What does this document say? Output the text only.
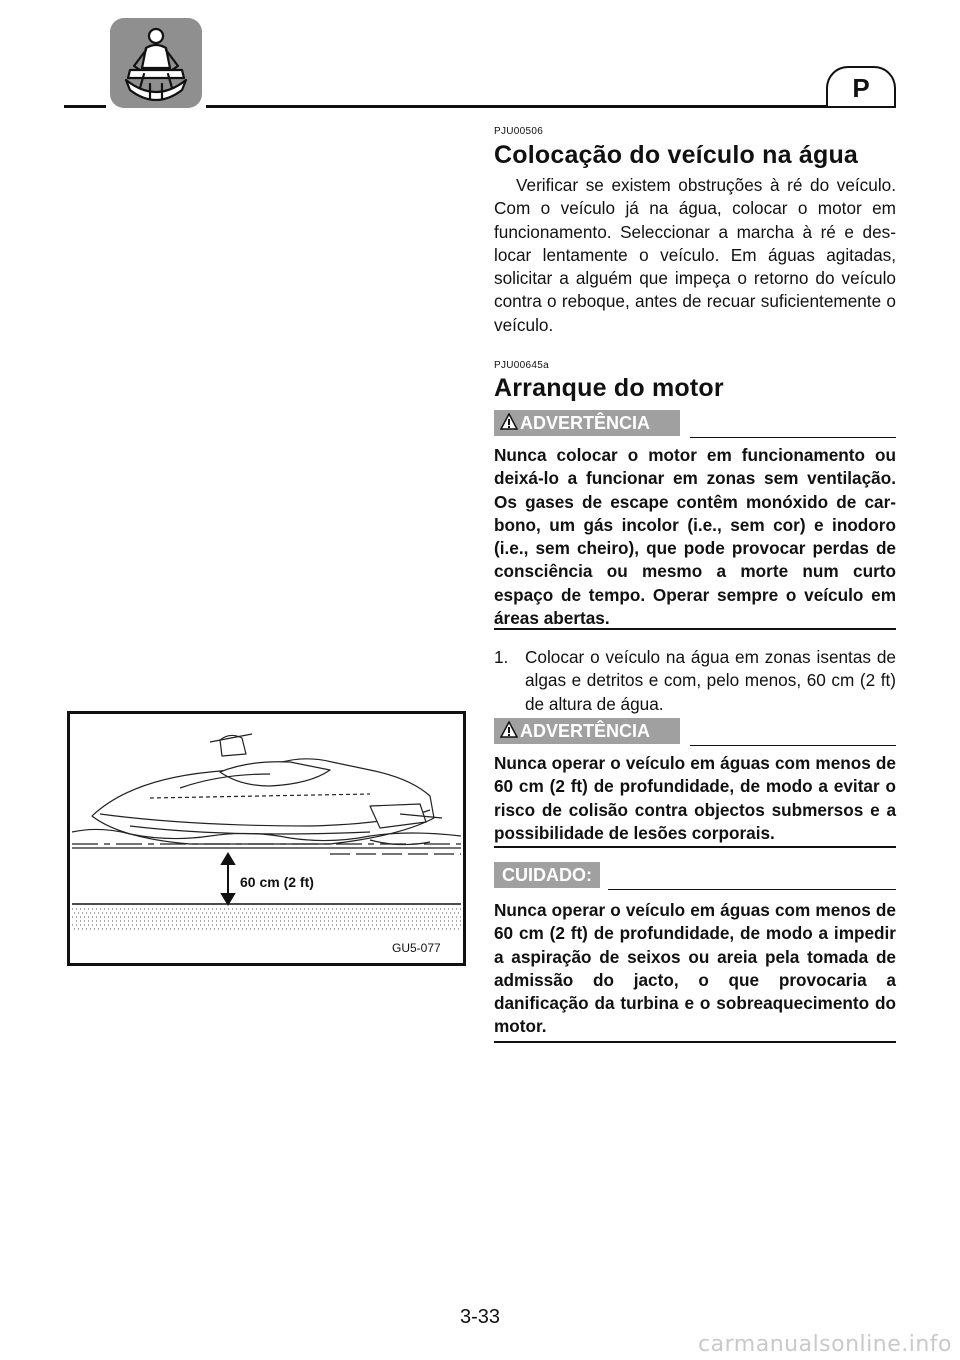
P
PJU00506
Colocação do veículo na água
Verificar se existem obstruções à ré do veículo. Com o veículo já na água, colocar o motor em funcionamento. Seleccionar a marcha à ré e deslocar lentamente o veículo. Em águas agitadas, solicitar a alguém que impeça o retorno do veículo contra o reboque, antes de recuar suficientemente o veículo.
PJU00645a
Arranque do motor
ADVERTÊNCIA
Nunca colocar o motor em funcionamento ou deixá-lo a funcionar em zonas sem ventilação. Os gases de escape contêm monóxido de carbono, um gás incolor (i.e., sem cor) e inodoro (i.e., sem cheiro), que pode provocar perdas de consciência ou mesmo a morte num curto espaço de tempo. Operar sempre o veículo em áreas abertas.
1. Colocar o veículo na água em zonas isentas de algas e detritos e com, pelo menos, 60 cm (2 ft) de altura de água.
ADVERTÊNCIA
Nunca operar o veículo em águas com menos de 60 cm (2 ft) de profundidade, de modo a evitar o risco de colisão contra objectos submersos e a possibilidade de lesões corporais.
CUIDADO:
Nunca operar o veículo em águas com menos de 60 cm (2 ft) de profundidade, de modo a impedir a aspiração de seixos ou areia pela tomada de admissão do jacto, o que provocaria a danificação da turbina e o sobreaquecimento do motor.
60 cm (2 ft)
GU5-077
3-33
carmanualsonline.info
